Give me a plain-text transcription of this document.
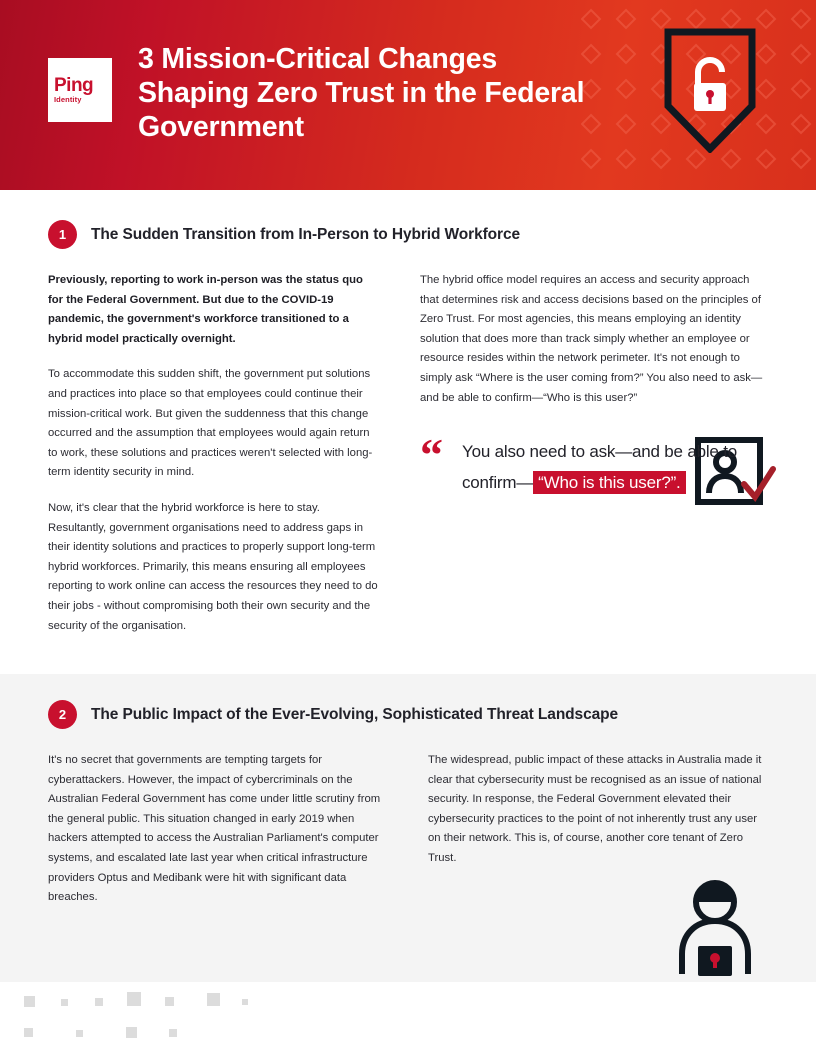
Ping
Identity
3 Mission-Critical Changes Shaping Zero Trust in the Federal Government
1	The Sudden Transition from In-Person to Hybrid Workforce

Previously, reporting to work in-person was the status quo for the Federal Government. But due to the COVID-19 pandemic, the government's workforce transitioned to a hybrid model practically overnight.

To accommodate this sudden shift, the government put solutions and practices into place so that employees could continue their mission-critical work. But given the suddenness that this change occurred and the assumption that employees would again return to work, these solutions and practices weren't selected with long-term identity security in mind.

Now, it's clear that the hybrid workforce is here to stay. Resultantly, government organisations need to address gaps in their identity solutions and practices to properly support long-term hybrid workforces. Primarily, this means ensuring all employees reporting to work online can access the resources they need to do their jobs - without compromising both their own security and the security of the organisation.

The hybrid office model requires an access and security approach that determines risk and access decisions based on the principles of Zero Trust. For most agencies, this means employing an identity solution that does more than track simply whether an employee or resource resides within the network perimeter. It's not enough to simply ask “Where is the user coming from?” You also need to ask—and be able to confirm—“Who is this user?”

“	You also need to ask—and be able to confirm— “Who is this user?”.
2	The Public Impact of the Ever-Evolving, Sophisticated Threat Landscape

It's no secret that governments are tempting targets for cyberattackers. However, the impact of cybercriminals on the Australian Federal Government has come under little scrutiny from the general public. This situation changed in early 2019 when hackers attempted to access the Australian Parliament's computer systems, and escalated late last year when critical infrastructure providers Optus and Medibank were hit with significant data breaches.

The widespread, public impact of these attacks in Australia made it clear that cybersecurity must be recognised as an issue of national security. In response, the Federal Government elevated their cybersecurity practices to the point of not inherently trust any user on their network. This is, of course, another core tenant of Zero Trust.
